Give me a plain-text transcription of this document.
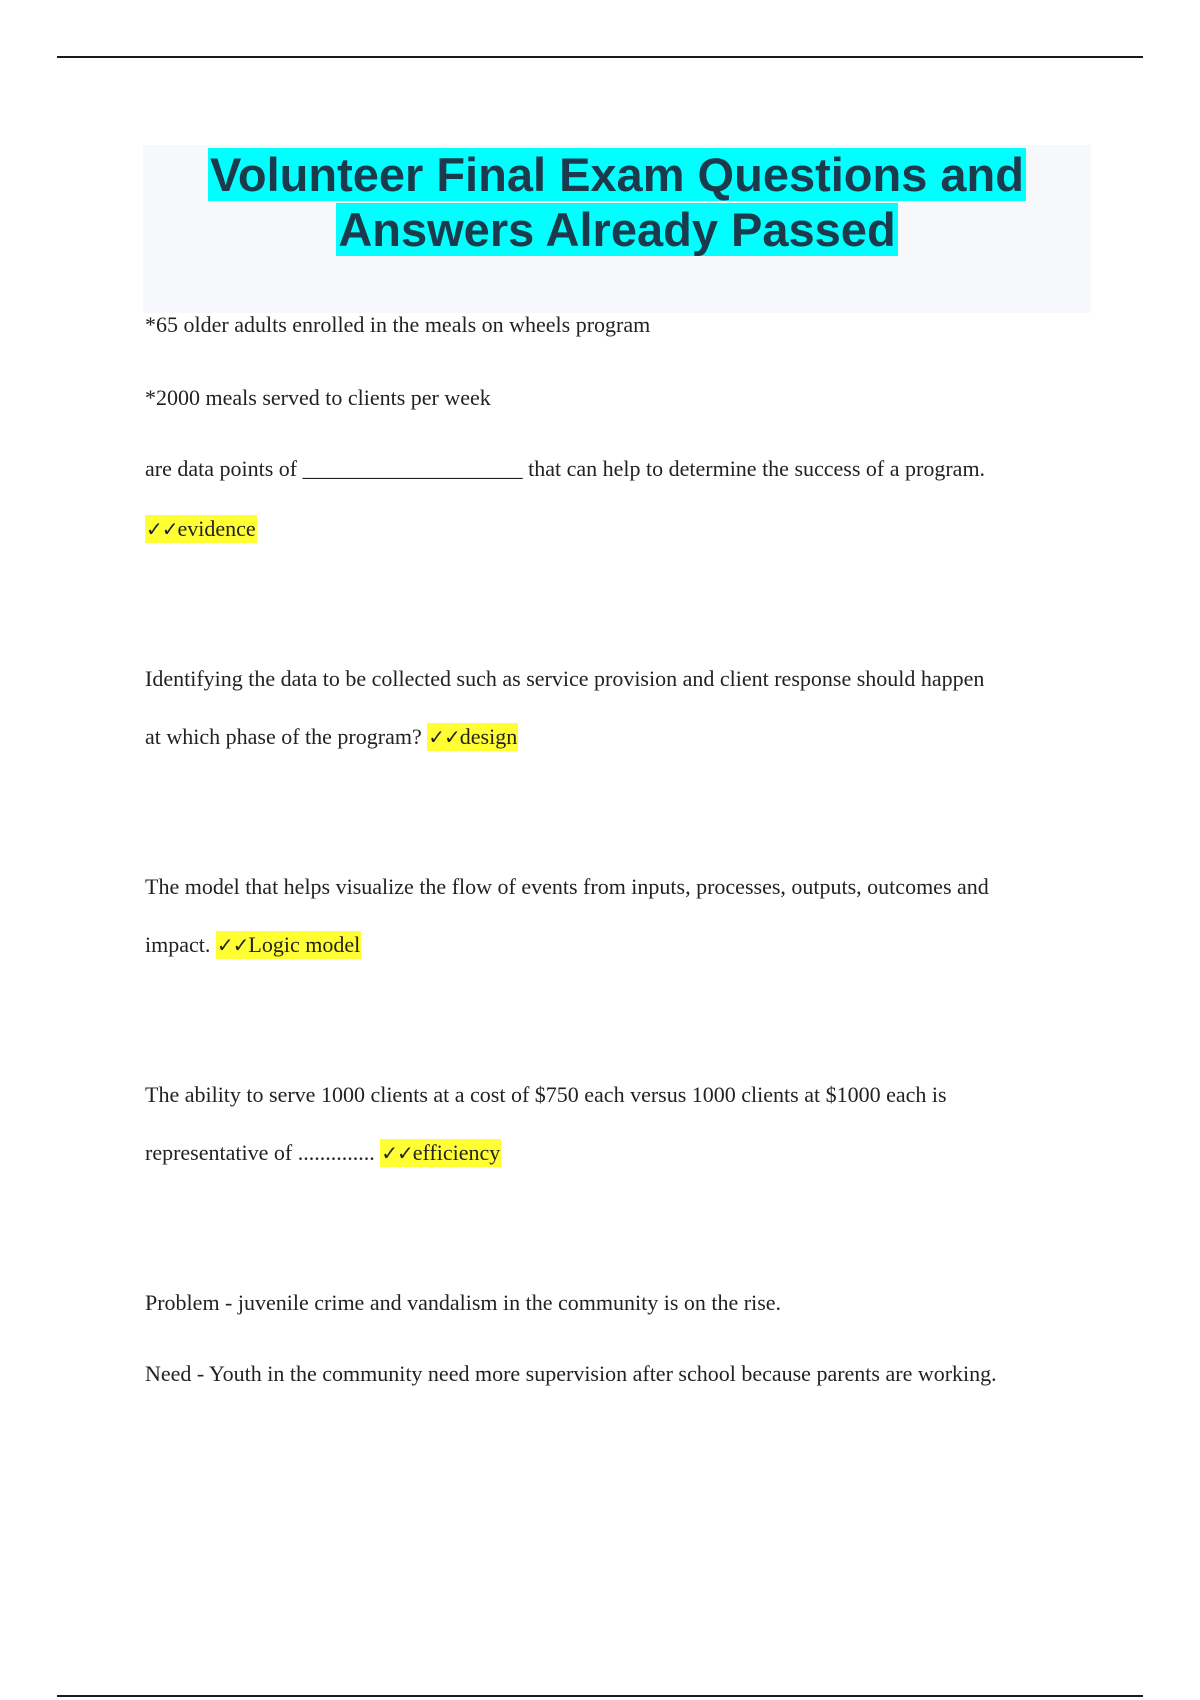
Volunteer Final Exam Questions and
Answers Already Passed
*65 older adults enrolled in the meals on wheels program
*2000 meals served to clients per week
are data points of ____________________ that can help to determine the success of a program.
✓✓evidence
Identifying the data to be collected such as service provision and client response should happen
at which phase of the program? ✓✓design
The model that helps visualize the flow of events from inputs, processes, outputs, outcomes and
impact. ✓✓Logic model
The ability to serve 1000 clients at a cost of $750 each versus 1000 clients at $1000 each is
representative of .............. ✓✓efficiency
Problem - juvenile crime and vandalism in the community is on the rise.
Need - Youth in the community need more supervision after school because parents are working.
